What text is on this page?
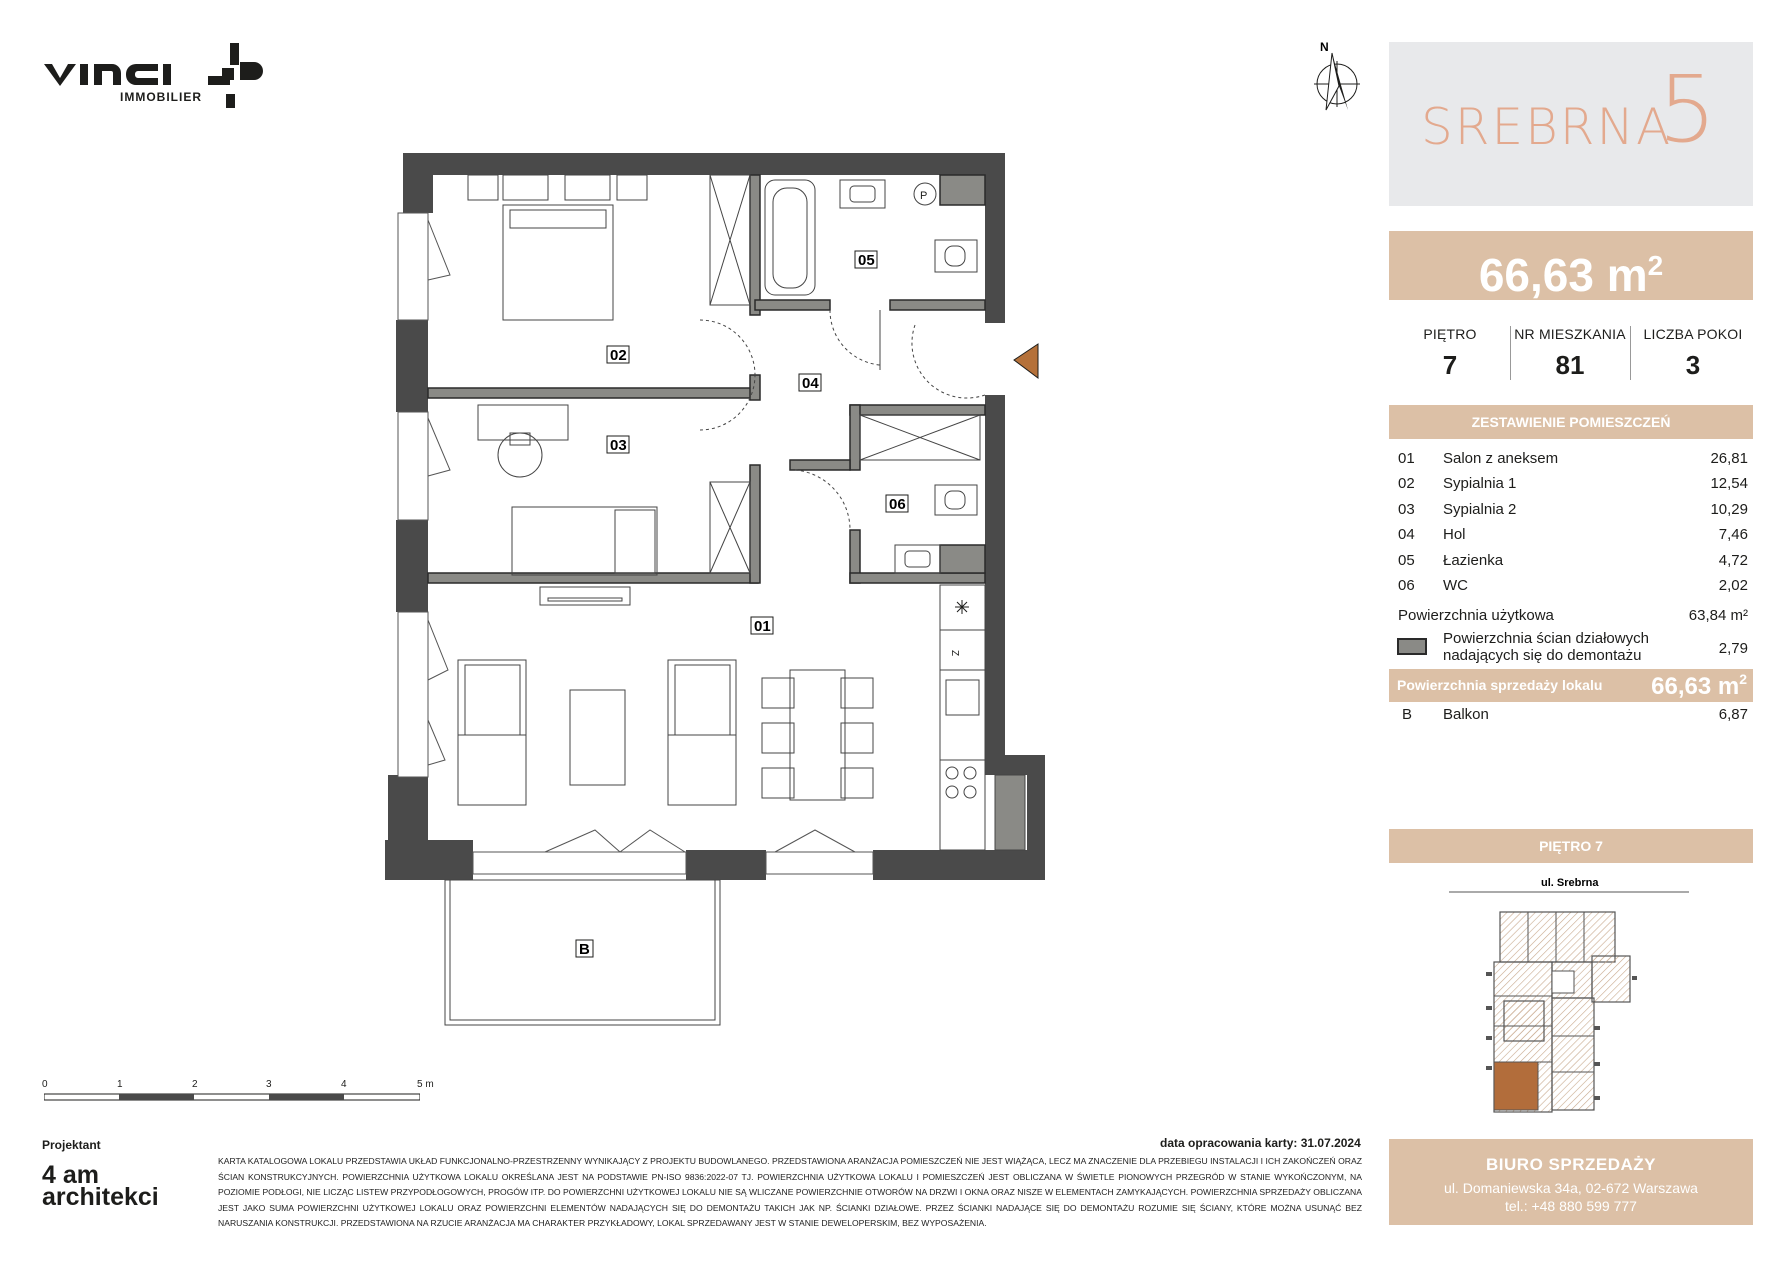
IMMOBILIER
N
SREBRNA
5
66,63 $m^2$
PIĘTRO
7
NR MIESZKANIA
81
LICZBA POKOI
3
ZESTAWIENIE POMIESZCZEŃ
01 Salon z aneksem	26,81
02 Sypialnia 1	12,54
03 Sypialnia 2	10,29
04 Hol	7,46
05 Łazienka	4,72
06 WC	2,02
Powierzchnia użytkowa	63,84 m²
Powierzchnia ścian działowych
nadających się do demontażu	2,79
Powierzchnia sprzedaży lokalu 66,63 $m^2$
B Balkon	6,87
PIĘTRO 7
ul. Srebrna
BIURO SPRZEDAŻY
ul. Domaniewska 34a, 02-672 Warszawa
tel.: +48 880 599 777
0	1	2	3	4	5 m
Projektant
4 am architekci
data opracowania karty: 31.07.2024
KARTA KATALOGOWA LOKALU PRZEDSTAWIA UKŁAD FUNKCJONALNO-PRZESTRZENNY WYNIKAJĄCY Z PROJEKTU BUDOWLANEGO. PRZEDSTAWIONA ARANŻACJA POMIESZCZEŃ NIE JEST WIĄŻĄCA, LECZ MA ZNACZENIE DLA PRZEBIEGU INSTALACJI I ICH ZAKOŃCZEŃ ORAZ ŚCIAN KONSTRUKCYJNYCH. POWIERZCHNIA UŻYTKOWA LOKALU OKREŚLANA JEST NA PODSTAWIE PN-ISO 9836:2022-07 TJ. POWIERZCHNIA UŻYTKOWA LOKALU I POMIESZCZEŃ JEST OBLICZANA W ŚWIETLE PIONOWYCH PRZEGRÓD W STANIE WYKOŃCZONYM, NA POZIOMIE PODŁOGI, NIE LICZĄC LISTEW PRZYPODŁOGOWYCH, PROGÓW ITP. DO POWIERZCHNI UŻYTKOWEJ LOKALU NIE SĄ WLICZANE POWIERZCHNIE OTWORÓW NA DRZWI I OKNA ORAZ NISZE W ELEMENTACH ZAMYKAJĄCYCH. POWIERZCHNIA SPRZEDAŻY OBLICZANA JEST JAKO SUMA POWIERZCHNI UŻYTKOWEJ LOKALU ORAZ POWIERZCHNI ELEMENTÓW NADAJĄCYCH SIĘ DO DEMONTAŻU TAKICH JAK NP. ŚCIANKI DZIAŁOWE. PRZEZ ŚCIANKI NADAJĄCE SIĘ DO DEMONTAŻU ROZUMIE SIĘ ŚCIANY, KTÓRE MOŻNA USUNĄĆ BEZ NARUSZANIA KONSTRUKCJI. PRZEDSTAWIONA NA RZUCIE ARANŻACJA MA CHARAKTER PRZYKŁADOWY, LOKAL SPRZEDAWANY JEST W STANIE DEWELOPERSKIM, BEZ WYPOSAŻENIA.
P
Z
02
03
04
05
06
01
B
